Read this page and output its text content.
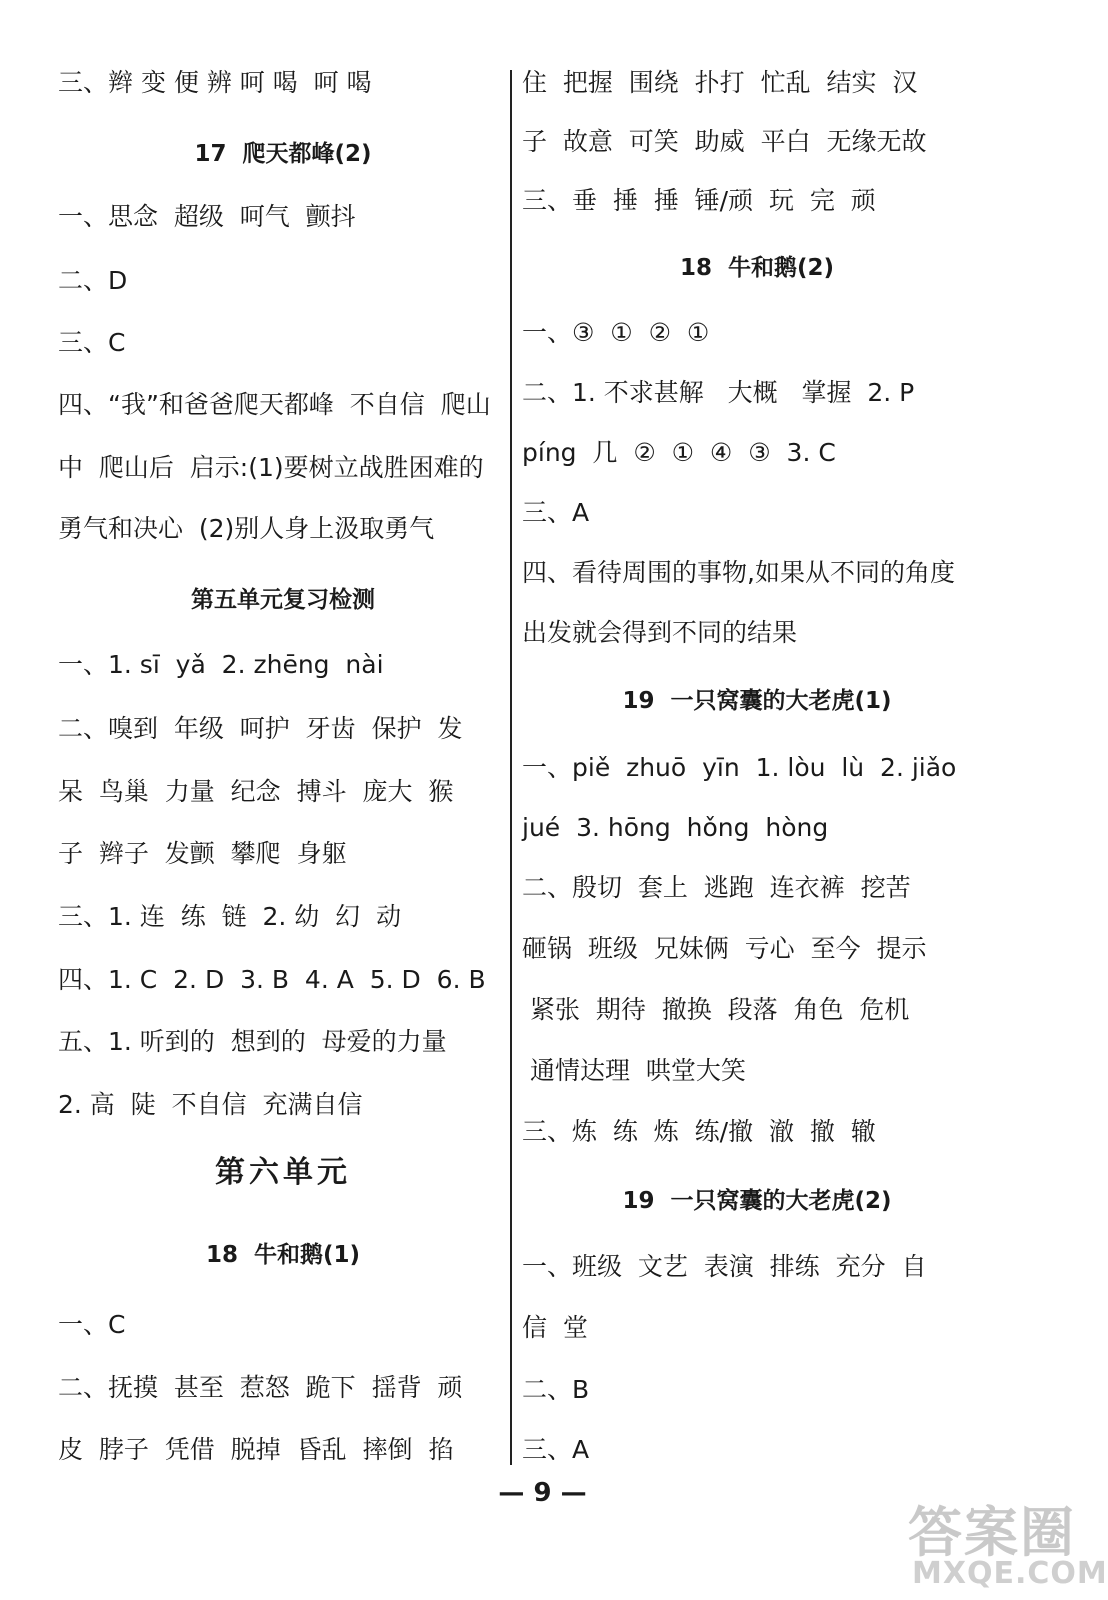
三、辫 变 便 辨 呵 喝  呵 喝
17  爬天都峰(2)
一、思念  超级  呵气  颤抖
二、D
三、C
四、“我”和爸爸爬天都峰  不自信  爬山
中  爬山后  启示:(1)要树立战胜困难的
勇气和决心  (2)别人身上汲取勇气
第五单元复习检测
一、1. sī  yǎ  2. zhēng  nài
二、嗅到  年级  呵护  牙齿  保护  发
呆  鸟巢  力量  纪念  搏斗  庞大  猴
子  辫子  发颤  攀爬  身躯
三、1. 连  练  链  2. 幼  幻  动
四、1. C  2. D  3. B  4. A  5. D  6. B
五、1. 听到的  想到的  母爱的力量
2. 高  陡  不自信  充满自信
第六单元
18  牛和鹅(1)
一、C
二、抚摸  甚至  惹怒  跪下  揺背  顽
皮  脖子  凭借  脱掉  昏乱  摔倒  掐
住  把握  围绕  扑打  忙乱  结实  汉
子  故意  可笑  助威  平白  无缘无故
三、垂  捶  捶  锤/顽  玩  完  顽
18  牛和鹅(2)
一、③  ①  ②  ①
二、1. 不求甚解   大概   掌握  2. P
píng  几  ②  ①  ④  ③  3. C
三、A
四、看待周围的事物,如果从不同的角度
出发就会得到不同的结果
19  一只窝囊的大老虎(1)
一、piě  zhuō  yīn  1. lòu  lù  2. jiǎo
jué  3. hōng  hǒng  hòng
二、殷切  套上  逃跑  连衣裤  挖苦
砸锅  班级  兄妹俩  亏心  至今  提示
紧张  期待  撤换  段落  角色  危机
通情达理  哄堂大笑
三、炼  练  炼  练/撤  澈  撤  辙
19  一只窝囊的大老虎(2)
一、班级  文艺  表演  排练  充分  自
信  堂
二、B
三、A
— 9 —
答案圈
MXQE.COM
